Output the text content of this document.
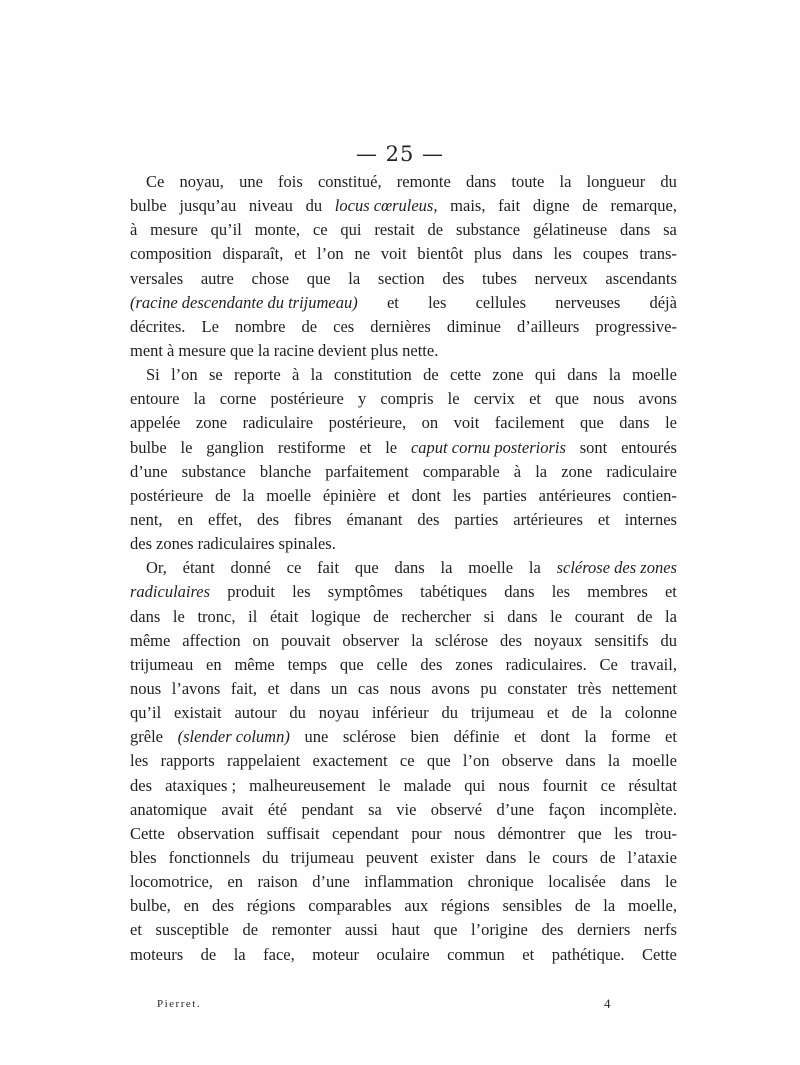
— 25 —
Ce noyau, une fois constitué, remonte dans toute la longueur du
bulbe jusqu’au niveau du locus cœruleus, mais, fait digne de remarque,
à mesure qu’il monte, ce qui restait de substance gélatineuse dans sa
composition disparaît, et l’on ne voit bientôt plus dans les coupes trans-
versales autre chose que la section des tubes nerveux ascendants
(racine descendante du trijumeau) et les cellules nerveuses déjà
décrites. Le nombre de ces dernières diminue d’ailleurs progressive-
ment à mesure que la racine devient plus nette.
Si l’on se reporte à la constitution de cette zone qui dans la moelle
entoure la corne postérieure y compris le cervix et que nous avons
appelée zone radiculaire postérieure, on voit facilement que dans le
bulbe le ganglion restiforme et le caput cornu posterioris sont entourés
d’une substance blanche parfaitement comparable à la zone radiculaire
postérieure de la moelle épinière et dont les parties antérieures contien-
nent, en effet, des fibres émanant des parties artérieures et internes
des zones radiculaires spinales.
Or, étant donné ce fait que dans la moelle la sclérose des zones
radiculaires produit les symptômes tabétiques dans les membres et
dans le tronc, il était logique de rechercher si dans le courant de la
même affection on pouvait observer la sclérose des noyaux sensitifs du
trijumeau en même temps que celle des zones radiculaires. Ce travail,
nous l’avons fait, et dans un cas nous avons pu constater très nettement
qu’il existait autour du noyau inférieur du trijumeau et de la colonne
grêle (slender column) une sclérose bien définie et dont la forme et
les rapports rappelaient exactement ce que l’on observe dans la moelle
des ataxiques ; malheureusement le malade qui nous fournit ce résultat
anatomique avait été pendant sa vie observé d’une façon incomplète.
Cette observation suffisait cependant pour nous démontrer que les trou-
bles fonctionnels du trijumeau peuvent exister dans le cours de l’ataxie
locomotrice, en raison d’une inflammation chronique localisée dans le
bulbe, en des régions comparables aux régions sensibles de la moelle,
et susceptible de remonter aussi haut que l’origine des derniers nerfs
moteurs de la face, moteur oculaire commun et pathétique. Cette
Pierret.	4
